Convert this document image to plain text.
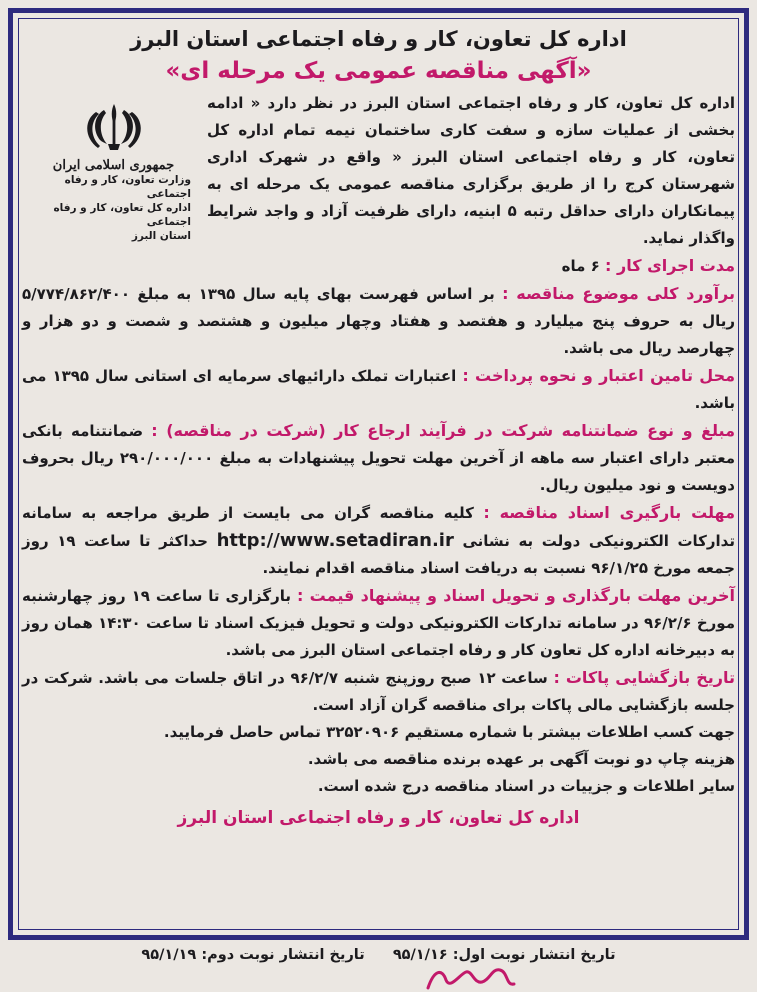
اداره کل تعاون، کار و رفاه اجتماعی استان البرز
«آگهی مناقصه عمومی یک مرحله ای»
جمهوری اسلامی ایران
وزارت تعاون، کار و رفاه اجتماعی
اداره کل تعاون، کار و رفاه اجتماعی
استان البرز

اداره کل تعاون، کار و رفاه اجتماعی استان البرز در نظر دارد « ادامه بخشی از عملیات سازه و سفت کاری ساختمان نیمه تمام اداره کل تعاون، کار و رفاه اجتماعی استان البرز « واقع در شهرک اداری شهرستان کرج را از طریق برگزاری مناقصه عمومی یک مرحله ای به پیمانکاران دارای حداقل رتبه ۵ ابنیه، دارای ظرفیت آزاد و واجد شرایط واگذار نماید.

مدت اجرای کار : ۶ ماه

برآورد کلی موضوع مناقصه : بر اساس فهرست بهای پایه سال ۱۳۹۵ به مبلغ ۵/۷۷۴/۸۶۲/۴۰۰ ریال به حروف پنج میلیارد و هفتصد و هفتاد وچهار میلیون و هشتصد و شصت و دو هزار و چهارصد ریال می باشد.

محل تامین اعتبار و نحوه پرداخت : اعتبارات تملک دارائیهای سرمایه ای استانی سال ۱۳۹۵ می باشد.

مبلغ و نوع ضمانتنامه شرکت در فرآیند ارجاع کار (شرکت در مناقصه) : ضمانتنامه بانکی معتبر دارای اعتبار سه ماهه از آخرین مهلت تحویل پیشنهادات به مبلغ ۲۹۰/۰۰۰/۰۰۰ ریال بحروف دویست و نود میلیون ریال.

مهلت بارگیری اسناد مناقصه : کلیه مناقصه گران می بایست از طریق مراجعه به سامانه تدارکات الکترونیکی دولت به نشانی http://www.setadiran.ir حداکثر تا ساعت ۱۹ روز جمعه مورخ ۹۶/۱/۲۵ نسبت به دریافت اسناد مناقصه اقدام نمایند.

آخرین مهلت بارگذاری و تحویل اسناد و پیشنهاد قیمت : بارگزاری تا ساعت ۱۹ روز چهارشنبه مورخ ۹۶/۲/۶ در سامانه تدارکات الکترونیکی دولت و تحویل فیزیک اسناد تا ساعت ۱۴:۳۰ همان روز به دبیرخانه اداره کل تعاون کار و رفاه اجتماعی استان البرز می باشد.

تاریخ بازگشایی پاکات : ساعت ۱۲ صبح روزپنج شنبه ۹۶/۲/۷ در اتاق جلسات می باشد. شرکت در جلسه بازگشایی مالی پاکات برای مناقصه گران آزاد است.

جهت کسب اطلاعات بیشتر با شماره مستقیم ۳۲۵۲۰۹۰۶ تماس حاصل فرمایید.

هزینه چاپ دو نوبت آگهی بر عهده برنده مناقصه می باشد.

سایر اطلاعات و جزییات در اسناد مناقصه درج شده است.

اداره کل تعاون، کار و رفاه اجتماعی استان البرز
تاریخ انتشار نوبت اول: ۹۵/۱/۱۶  تاریخ انتشار نوبت دوم: ۹۵/۱/۱۹
